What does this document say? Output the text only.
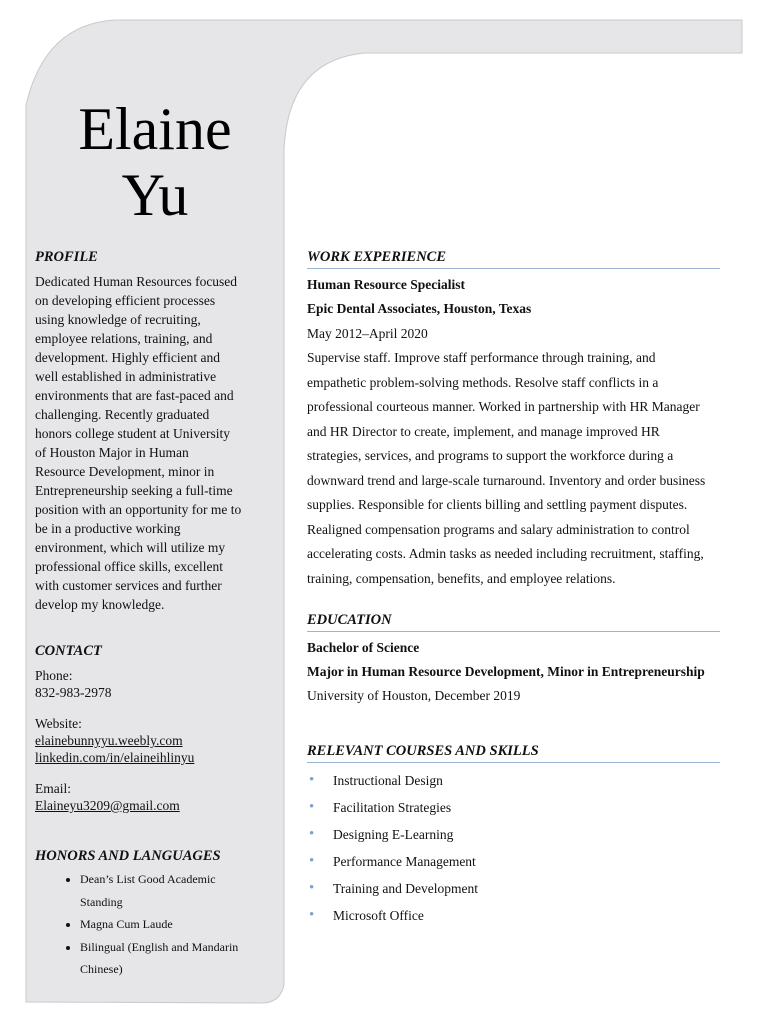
Elaine
Yu
PROFILE
Dedicated Human Resources focused
on developing efficient processes
using knowledge of recruiting,
employee relations, training, and
development. Highly efficient and
well established in administrative
environments that are fast-paced and
challenging. Recently graduated
honors college student at University
of Houston Major in Human
Resource Development, minor in
Entrepreneurship seeking a full-time
position with an opportunity for me to
be in a productive working
environment, which will utilize my
professional office skills, excellent
with customer services and further
develop my knowledge.
CONTACT
Phone:
832-983-2978
Website:
elainebunnyyu.weebly.com
linkedin.com/in/elaineihlinyu
Email:
Elaineyu3209@gmail.com
HONORS AND LANGUAGES
• Dean’s List Good Academic
Standing
• Magna Cum Laude
• Bilingual (English and Mandarin
Chinese)
WORK EXPERIENCE
Human Resource Specialist
Epic Dental Associates, Houston, Texas
May 2012–April 2020
Supervise staff. Improve staff performance through training, and
empathetic problem-solving methods. Resolve staff conflicts in a
professional courteous manner. Worked in partnership with HR Manager
and HR Director to create, implement, and manage improved HR
strategies, services, and programs to support the workforce during a
downward trend and large-scale turnaround. Inventory and order business
supplies. Responsible for clients billing and settling payment disputes.
Realigned compensation programs and salary administration to control
accelerating costs. Admin tasks as needed including recruitment, staffing,
training, compensation, benefits, and employee relations.
EDUCATION
Bachelor of Science
Major in Human Resource Development, Minor in Entrepreneurship
University of Houston, December 2019
RELEVANT COURSES AND SKILLS
• Instructional Design
• Facilitation Strategies
• Designing E-Learning
• Performance Management
• Training and Development
• Microsoft Office
